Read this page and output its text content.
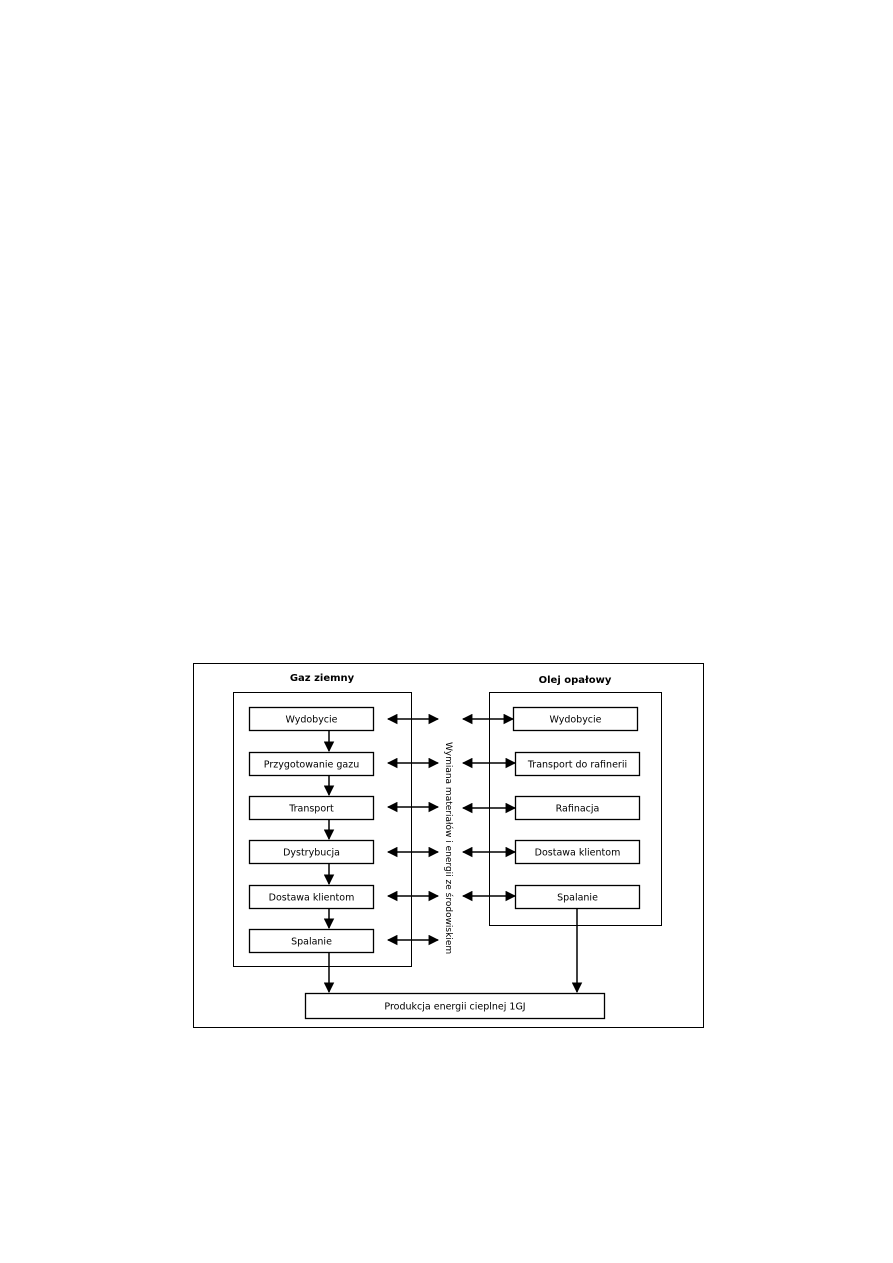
Gaz ziemny	Olej opałowy
Wydobycie
Przygotowanie gazu
Transport
Dystrybucja
Dostawa klientom
Spalanie
Wydobycie
Transport do rafinerii
Rafinacja
Dostawa klientom
Spalanie
Wymiana materiałów i energii ze środowiskiem
Produkcja energii cieplnej 1GJ
